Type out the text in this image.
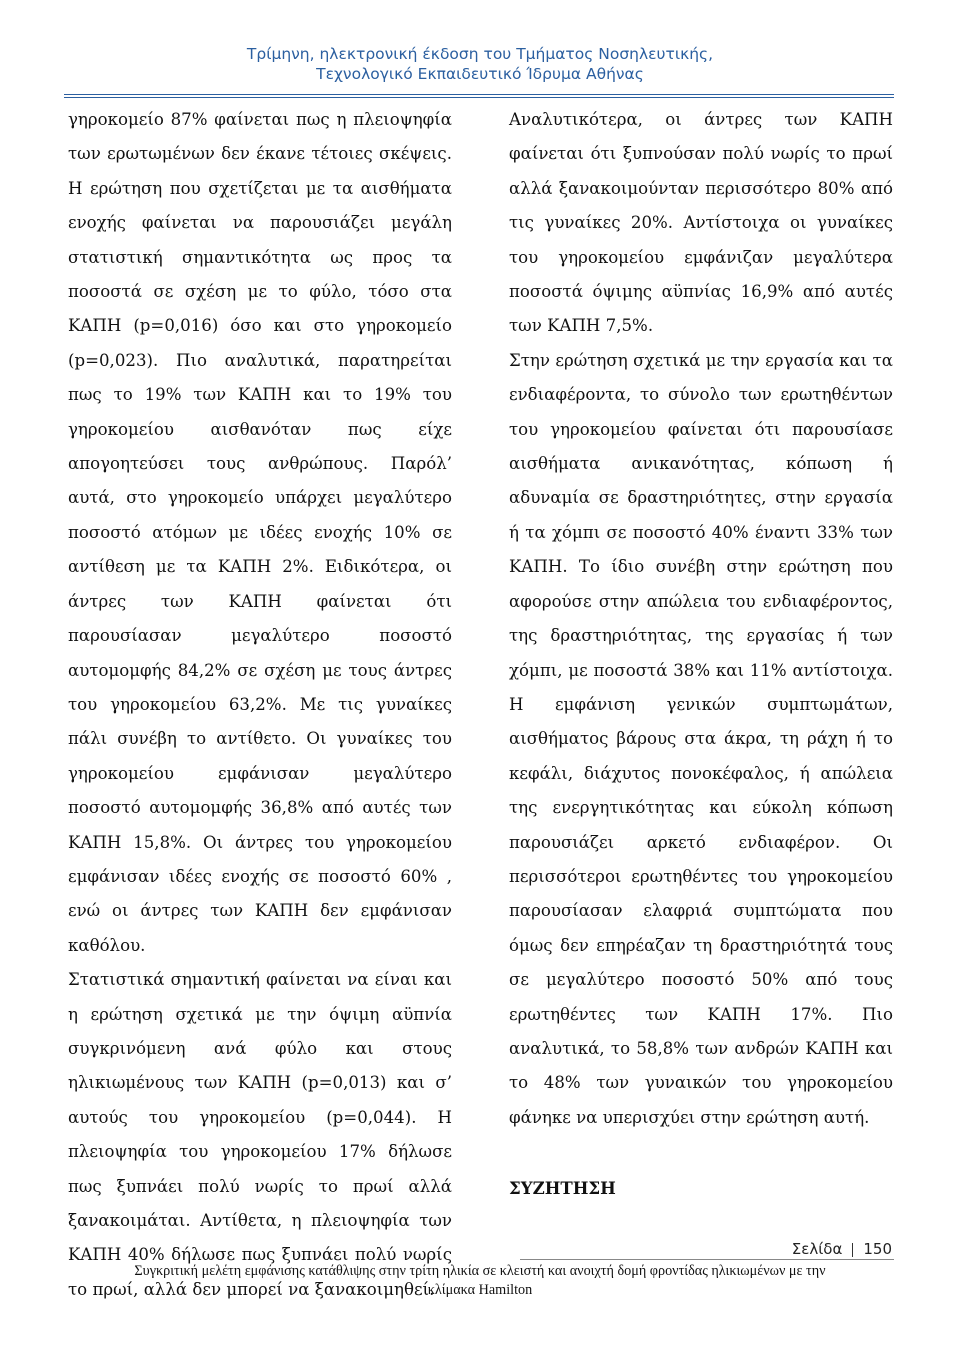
Τρίμηνη, ηλεκτρονική έκδοση του Τμήματος Νοσηλευτικής,
Τεχνολογικό Εκπαιδευτικό Ίδρυμα Αθήνας

γηροκομείο 87% φαίνεται πως η πλειοψηφία των ερωτωμένων δεν έκανε τέτοιες σκέψεις. Η ερώτηση που σχετίζεται με τα αισθήματα ενοχής φαίνεται να παρουσιάζει μεγάλη στατιστική σημαντικότητα ως προς τα ποσοστά σε σχέση με το φύλο, τόσο στα ΚΑΠΗ (p=0,016) όσο και στο γηροκομείο (p=0,023). Πιο αναλυτικά, παρατηρείται πως το 19% των ΚΑΠΗ και το 19% του γηροκομείου αισθανόταν πως είχε απογοητεύσει τους ανθρώπους. Παρόλ’ αυτά, στο γηροκομείο υπάρχει μεγαλύτερο ποσοστό ατόμων με ιδέες ενοχής 10% σε αντίθεση με τα ΚΑΠΗ 2%. Ειδικότερα, οι άντρες των ΚΑΠΗ φαίνεται ότι παρουσίασαν μεγαλύτερο ποσοστό αυτομομφής 84,2% σε σχέση με τους άντρες του γηροκομείου 63,2%. Με τις γυναίκες πάλι συνέβη το αντίθετο. Οι γυναίκες του γηροκομείου εμφάνισαν μεγαλύτερο ποσοστό αυτομομφής 36,8% από αυτές των ΚΑΠΗ 15,8%. Οι άντρες του γηροκομείου εμφάνισαν ιδέες ενοχής σε ποσοστό 60% , ενώ οι άντρες των ΚΑΠΗ δεν εμφάνισαν καθόλου.

Στατιστικά σημαντική φαίνεται να είναι και η ερώτηση σχετικά με την όψιμη αϋπνία συγκρινόμενη ανά φύλο και στους ηλικιωμένους των ΚΑΠΗ (p=0,013) και σ’ αυτούς του γηροκομείου (p=0,044). Η πλειοψηφία του γηροκομείου 17% δήλωσε πως ξυπνάει πολύ νωρίς το πρωί αλλά ξανακοιμάται. Αντίθετα, η πλειοψηφία των ΚΑΠΗ 40% δήλωσε πως ξυπνάει πολύ νωρίς το πρωί, αλλά δεν μπορεί να ξανακοιμηθεί.

Αναλυτικότερα, οι άντρες των ΚΑΠΗ φαίνεται ότι ξυπνούσαν πολύ νωρίς το πρωί αλλά ξανακοιμούνταν περισσότερο 80% από τις γυναίκες 20%. Αντίστοιχα οι γυναίκες του γηροκομείου εμφάνιζαν μεγαλύτερα ποσοστά όψιμης αϋπνίας 16,9% από αυτές των ΚΑΠΗ 7,5%.

Στην ερώτηση σχετικά με την εργασία και τα ενδιαφέροντα, το σύνολο των ερωτηθέντων του γηροκομείου φαίνεται ότι παρουσίασε αισθήματα ανικανότητας, κόπωση ή αδυναμία σε δραστηριότητες, στην εργασία ή τα χόμπι σε ποσοστό 40% έναντι 33% των ΚΑΠΗ. Το ίδιο συνέβη στην ερώτηση που αφορούσε στην απώλεια του ενδιαφέροντος, της δραστηριότητας, της εργασίας ή των χόμπι, με ποσοστά 38% και 11% αντίστοιχα. Η εμφάνιση γενικών συμπτωμάτων, αισθήματος βάρους στα άκρα, τη ράχη ή το κεφάλι, διάχυτος πονοκέφαλος, ή απώλεια της ενεργητικότητας και εύκολη κόπωση παρουσιάζει αρκετό ενδιαφέρον. Οι περισσότεροι ερωτηθέντες του γηροκομείου παρουσίασαν ελαφριά συμπτώματα που όμως δεν επηρέαζαν τη δραστηριότητά τους σε μεγαλύτερο ποσοστό 50% από τους ερωτηθέντες των ΚΑΠΗ 17%. Πιο αναλυτικά, το 58,8% των ανδρών ΚΑΠΗ και το 48% των γυναικών του γηροκομείου φάνηκε να υπερισχύει στην ερώτηση αυτή.

ΣΥΖΗΤΗΣΗ

Σελίδα 150
Συγκριτική μελέτη εμφάνισης κατάθλιψης στην τρίτη ηλικία σε κλειστή και ανοιχτή δομή φροντίδας ηλικιωμένων με την
κλίμακα Hamilton
